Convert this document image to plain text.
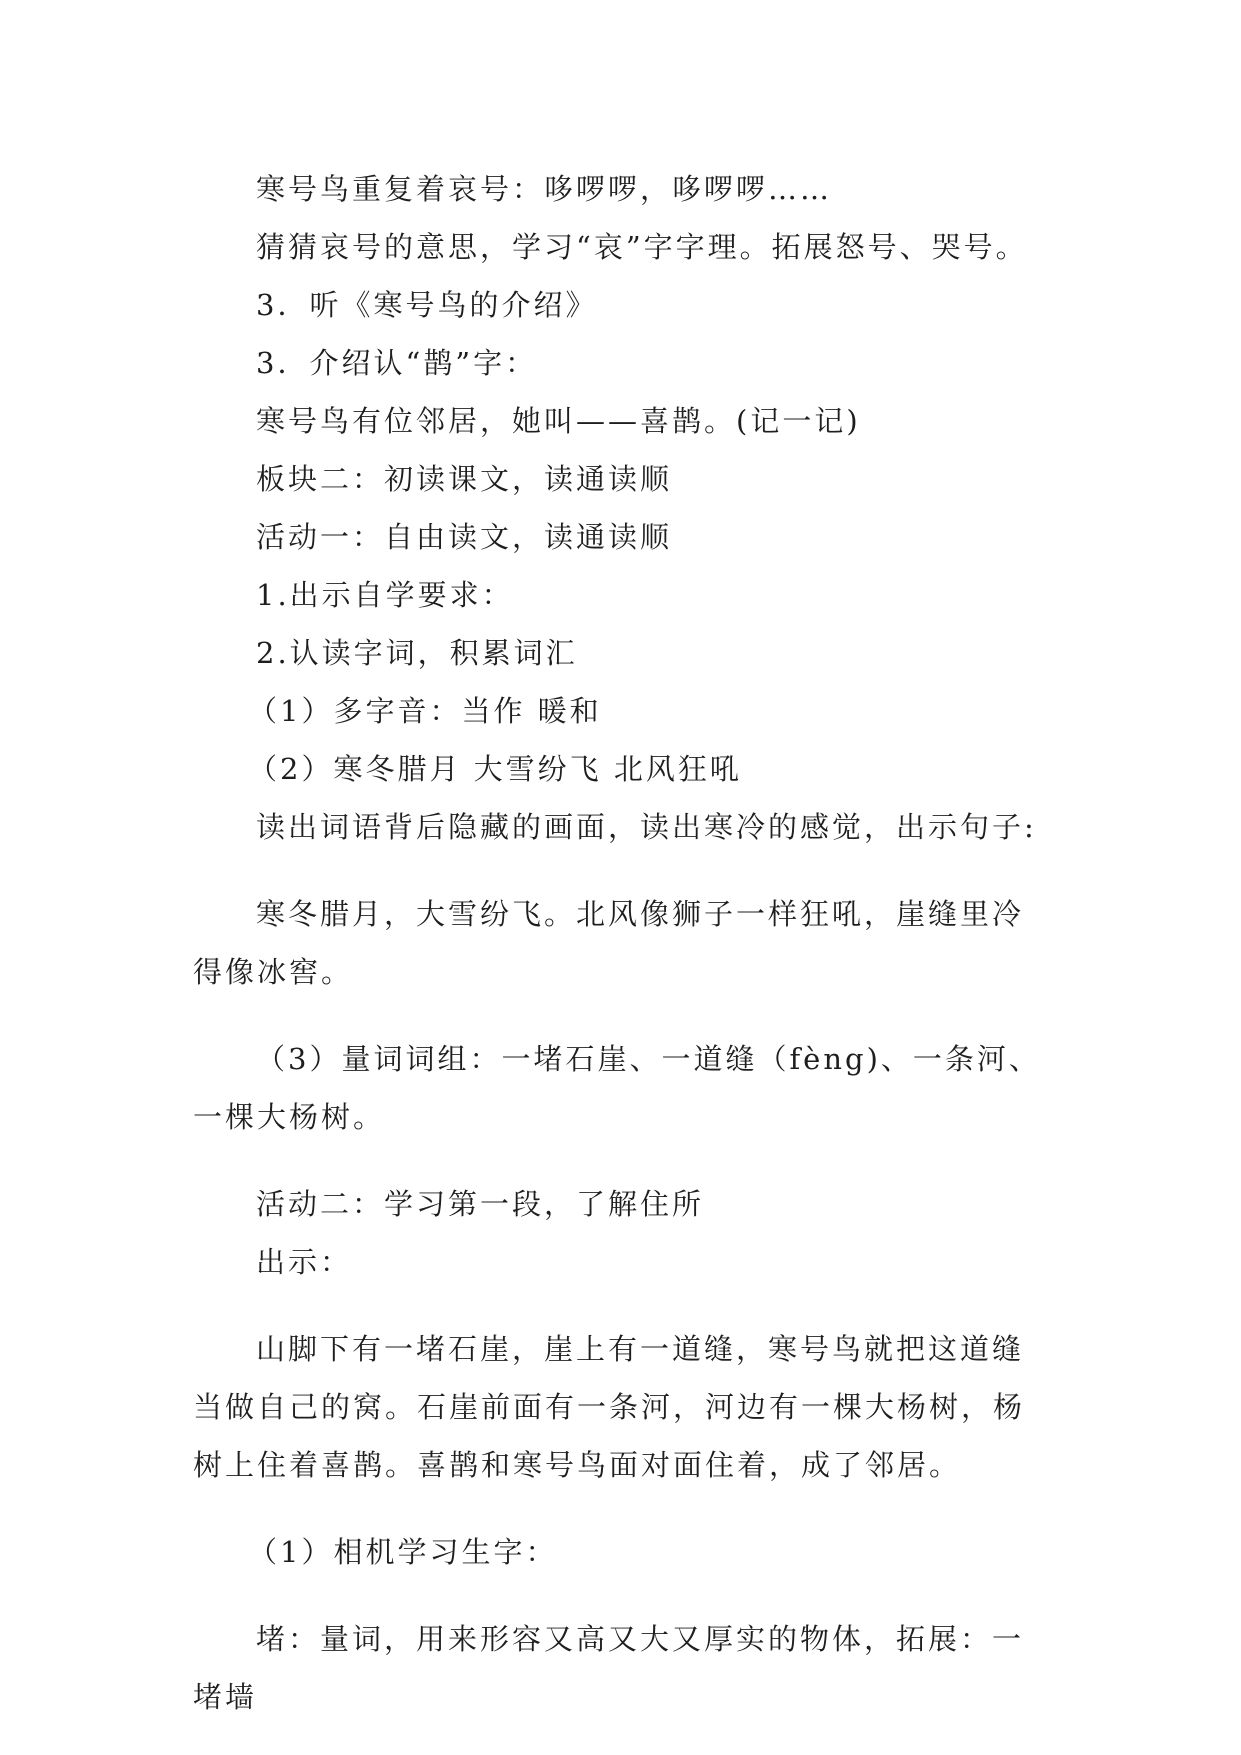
寒号鸟重复着哀号：哆啰啰，哆啰啰……

猜猜哀号的意思，学习“哀”字字理。拓展怒号、哭号。

3．听《寒号鸟的介绍》

3．介绍认“鹊”字：

寒号鸟有位邻居，她叫——喜鹊。(记一记)

板块二：初读课文，读通读顺

活动一：自由读文，读通读顺

1.出示自学要求：

2.认读字词，积累词汇

（1）多字音：当作 暖和

（2）寒冬腊月 大雪纷飞 北风狂吼

读出词语背后隐藏的画面，读出寒冷的感觉，出示句子:

寒冬腊月，大雪纷飞。北风像狮子一样狂吼，崖缝里冷得像冰窖。

（3）量词词组：一堵石崖、一道缝（fèng)、一条河、一棵大杨树。

活动二：学习第一段，了解住所

出示：

山脚下有一堵石崖，崖上有一道缝，寒号鸟就把这道缝当做自己的窝。石崖前面有一条河，河边有一棵大杨树，杨树上住着喜鹊。喜鹊和寒号鸟面对面住着，成了邻居。

（1）相机学习生字：

堵：量词，用来形容又高又大又厚实的物体，拓展：一堵墙
